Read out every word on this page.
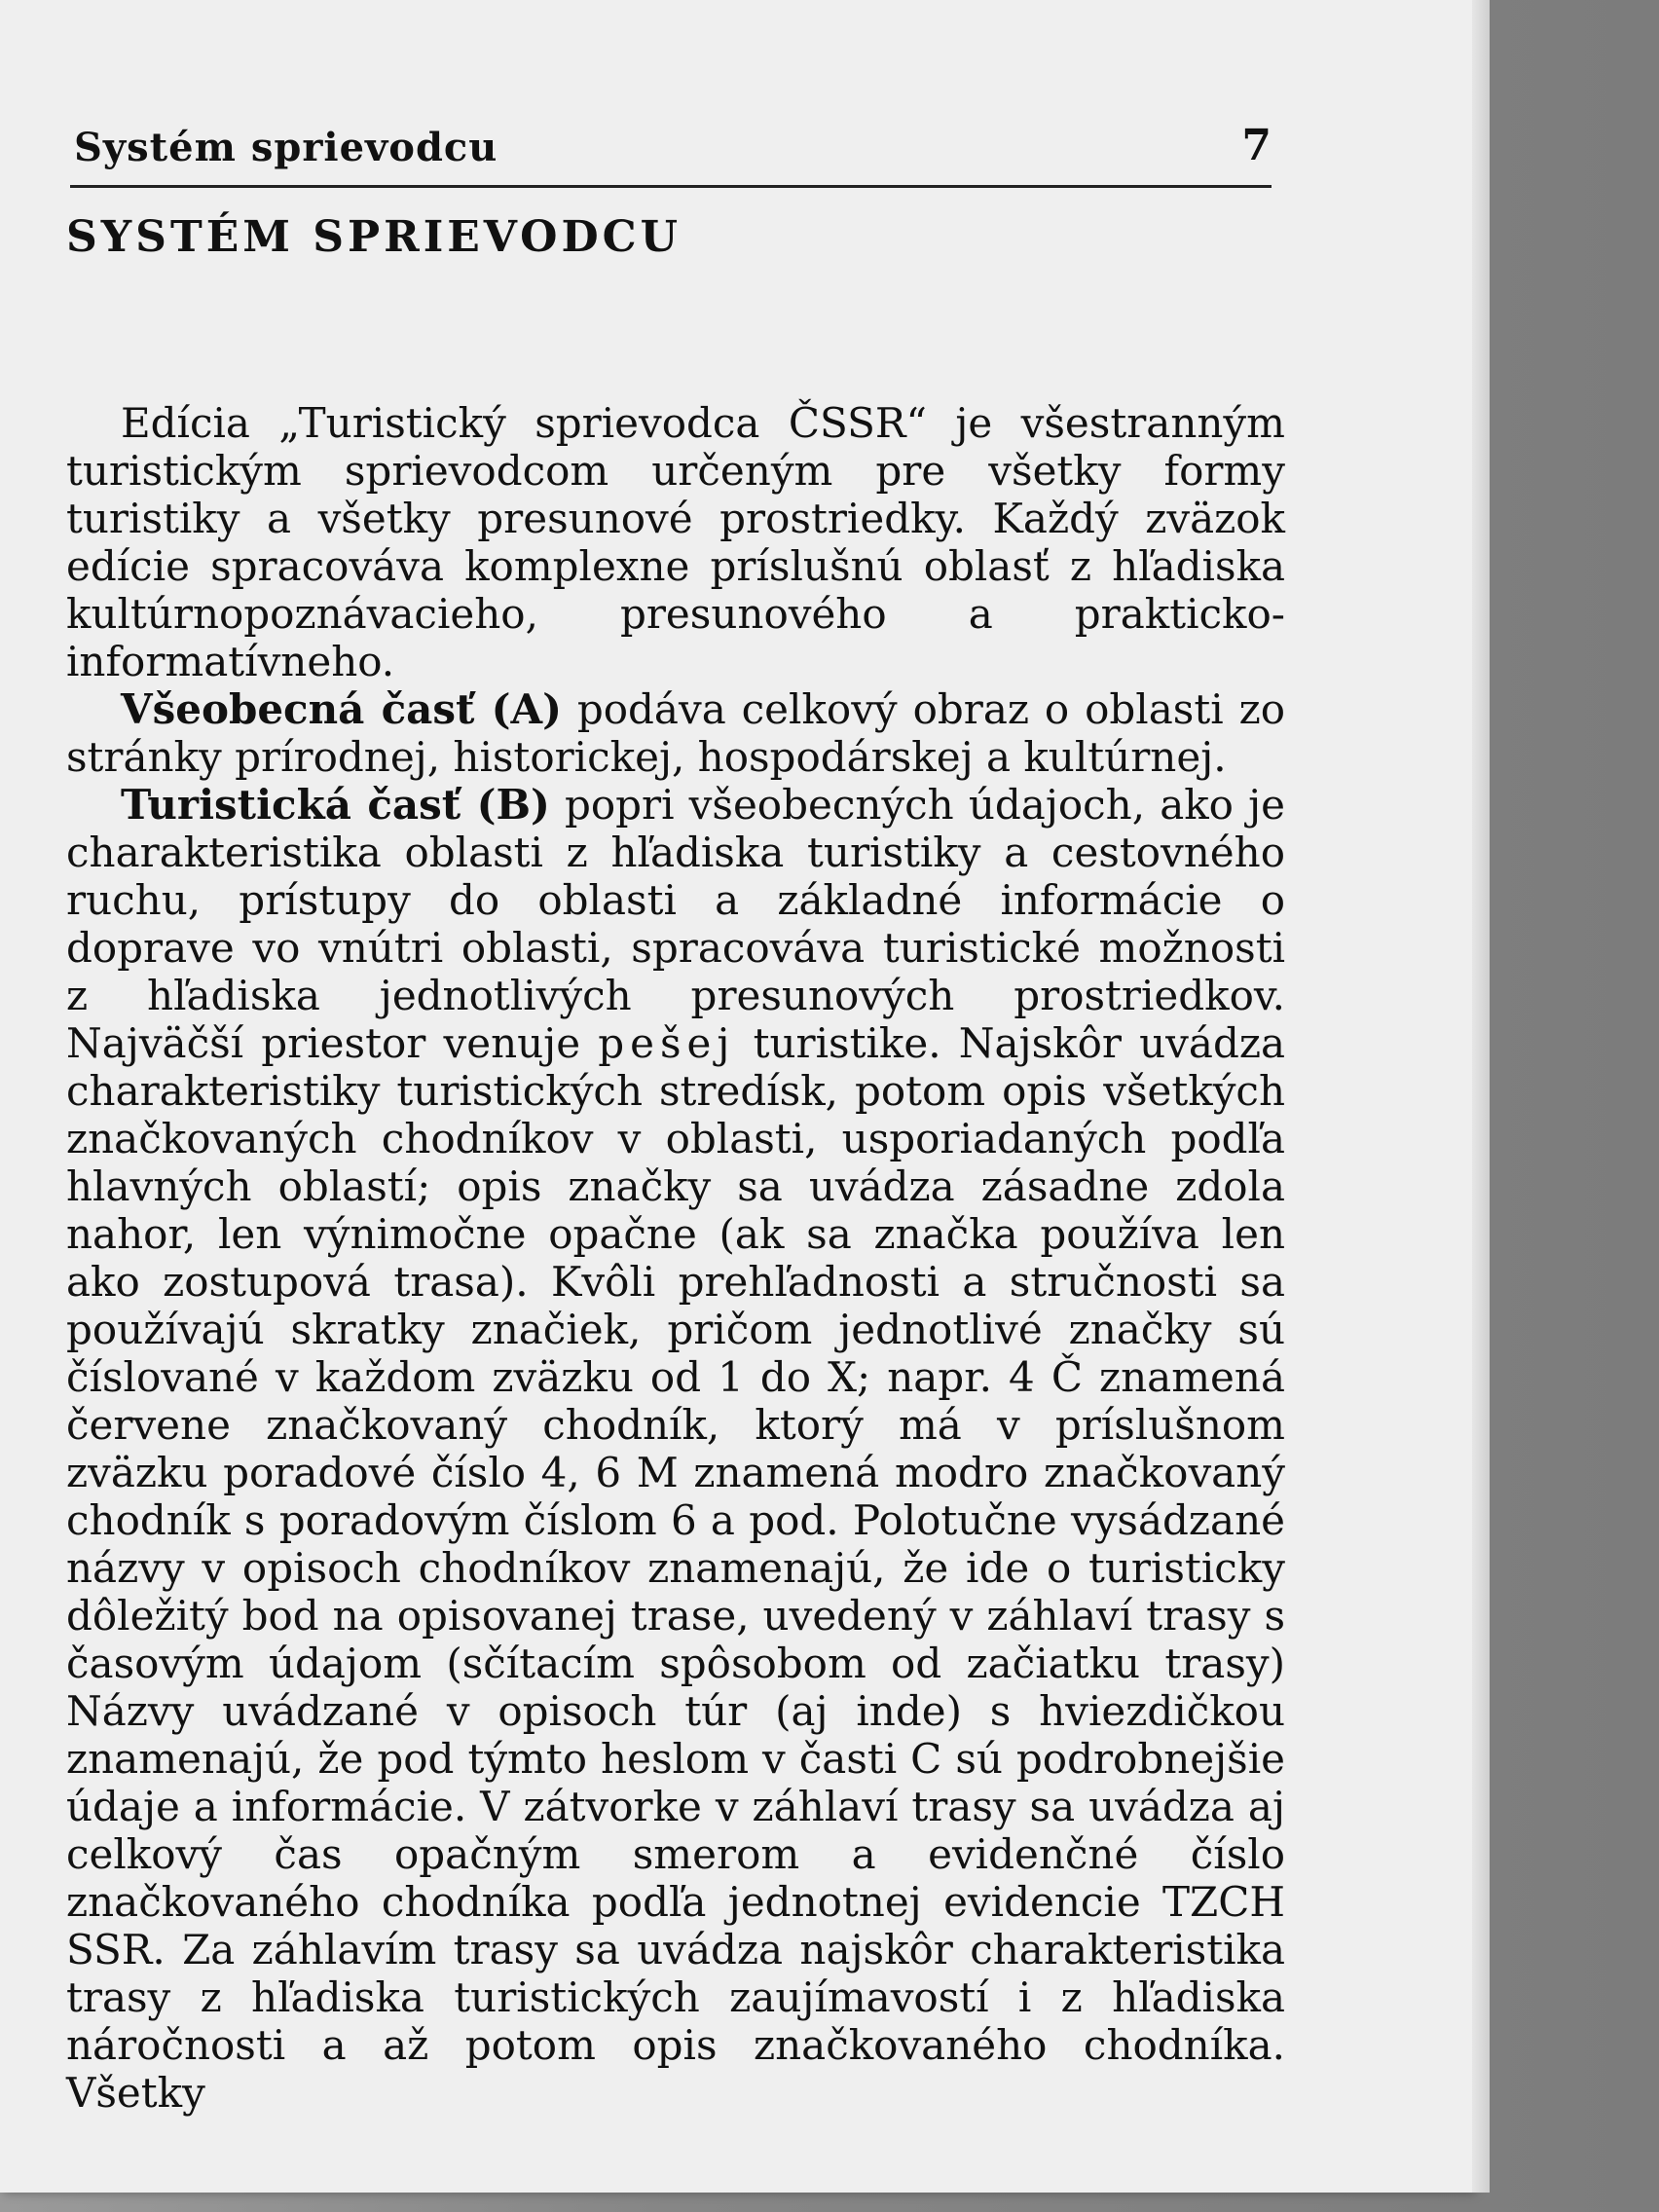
Systém sprievodcu	7
SYSTÉM SPRIEVODCU

Edícia „Turistický sprievodca ČSSR“ je všestranným turistickým sprievodcom určeným pre všetky formy turistiky a všetky presunové prostriedky. Každý zväzok edície spracováva komplexne príslušnú oblasť z hľadiska kultúrnopoznávacieho, presunového a prakticko-informatívneho.

Všeobecná časť (A) podáva celkový obraz o oblasti zo stránky prírodnej, historickej, hospodárskej a kultúrnej.

Turistická časť (B) popri všeobecných údajoch, ako je charakteristika oblasti z hľadiska turistiky a cestovného ruchu, prístupy do oblasti a základné informácie o doprave vo vnútri oblasti, spracováva turistické možnosti z hľadiska jednotlivých presunových prostriedkov. Najväčší priestor venuje pešej turistike. Najskôr uvádza charakteristiky turistických stredísk, potom opis všetkých značkovaných chodníkov v oblasti, usporiadaných podľa hlavných oblastí; opis značky sa uvádza zásadne zdola nahor, len výnimočne opačne (ak sa značka používa len ako zostupová trasa). Kvôli prehľadnosti a stručnosti sa používajú skratky značiek, pričom jednotlivé značky sú číslované v každom zväzku od 1 do X; napr. 4 Č znamená červene značkovaný chodník, ktorý má v príslušnom zväzku poradové číslo 4, 6 M znamená modro značkovaný chodník s poradovým číslom 6 a pod. Polotučne vysádzané názvy v opisoch chodníkov znamenajú, že ide o turisticky dôležitý bod na opisovanej trase, uvedený v záhlaví trasy s časovým údajom (sčítacím spôsobom od začiatku trasy) Názvy uvádzané v opisoch túr (aj inde) s hviezdičkou znamenajú, že pod týmto heslom v časti C sú podrobnejšie údaje a informácie. V zátvorke v záhlaví trasy sa uvádza aj celkový čas opačným smerom a evidenčné číslo značkovaného chodníka podľa jednotnej evidencie TZCH SSR. Za záhlavím trasy sa uvádza najskôr charakteristika trasy z hľadiska turistických zaujímavostí i z hľadiska náročnosti a až potom opis značkovaného chodníka. Všetky
